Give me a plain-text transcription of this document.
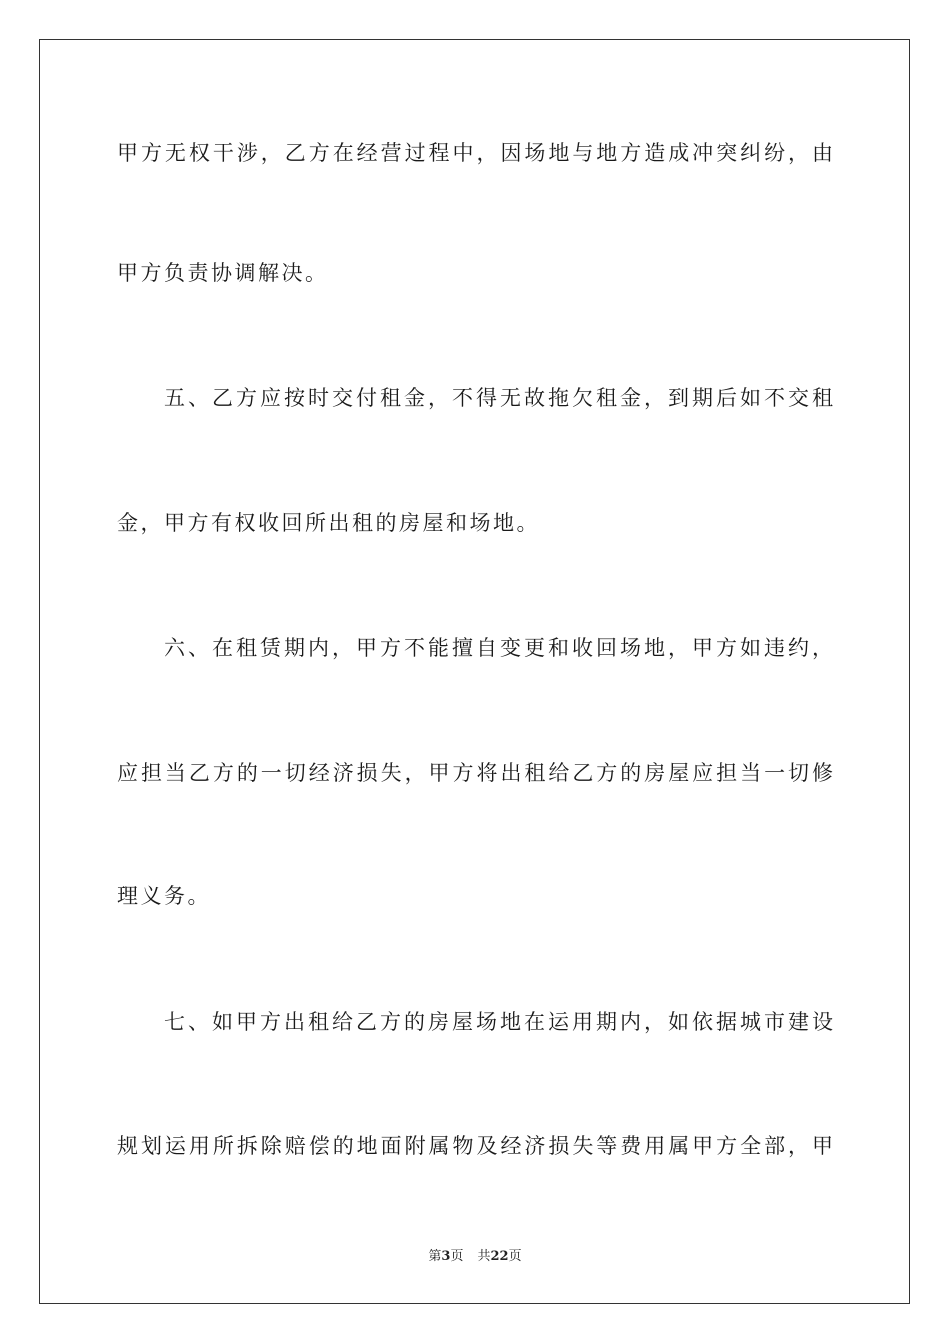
甲方无权干涉，乙方在经营过程中，因场地与地方造成冲突纠纷，由
甲方负责协调解决。
五、乙方应按时交付租金，不得无故拖欠租金，到期后如不交租
金，甲方有权收回所出租的房屋和场地。
六、在租赁期内，甲方不能擅自变更和收回场地，甲方如违约，
应担当乙方的一切经济损失，甲方将出租给乙方的房屋应担当一切修
理义务。
七、如甲方出租给乙方的房屋场地在运用期内，如依据城市建设
规划运用所拆除赔偿的地面附属物及经济损失等费用属甲方全部，甲
第3页 共22页
